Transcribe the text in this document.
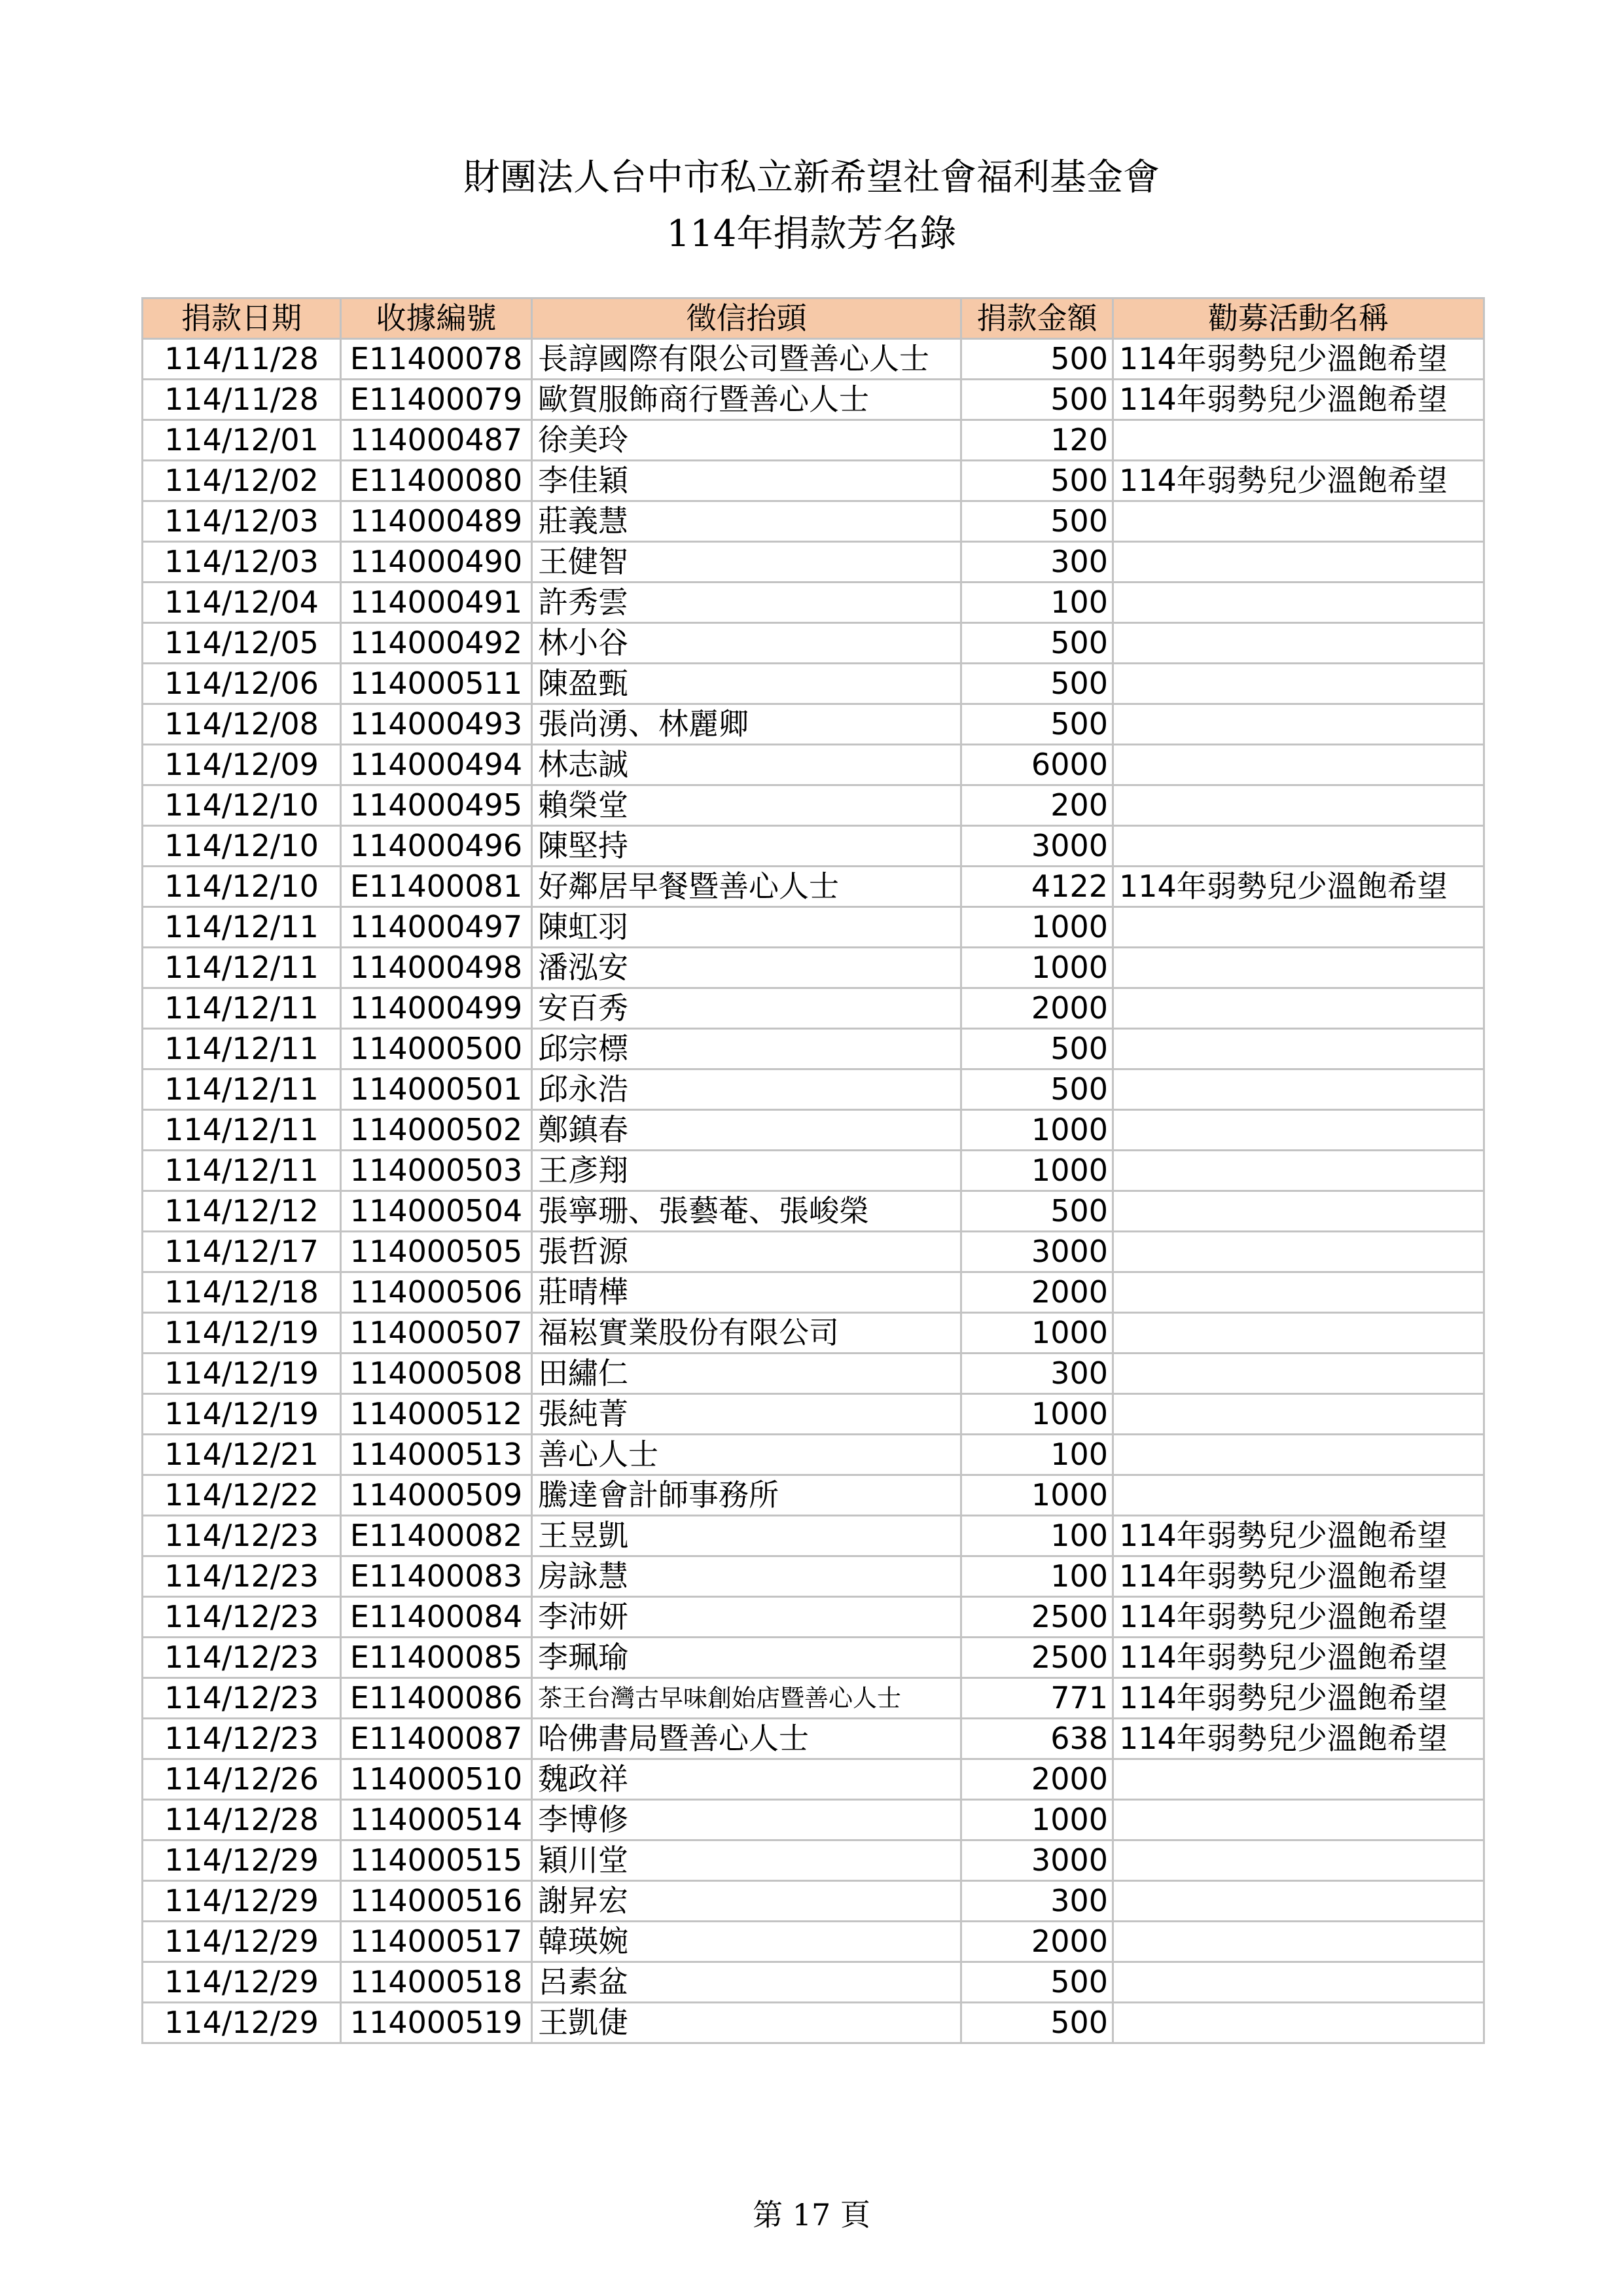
財團法人台中市私立新希望社會福利基金會
114年捐款芳名錄
捐款日期	收據編號	徵信抬頭	捐款金額	勸募活動名稱
114/11/28	E11400078	長諄國際有限公司暨善心人士	500	114年弱勢兒少溫飽希望
114/11/28	E11400079	歐賀服飾商行暨善心人士	500	114年弱勢兒少溫飽希望
114/12/01	114000487	徐美玲	120	
114/12/02	E11400080	李佳穎	500	114年弱勢兒少溫飽希望
114/12/03	114000489	莊義慧	500	
114/12/03	114000490	王健智	300	
114/12/04	114000491	許秀雲	100	
114/12/05	114000492	林小谷	500	
114/12/06	114000511	陳盈甄	500	
114/12/08	114000493	張尚湧、林麗卿	500	
114/12/09	114000494	林志誠	6000	
114/12/10	114000495	賴榮堂	200	
114/12/10	114000496	陳堅持	3000	
114/12/10	E11400081	好鄰居早餐暨善心人士	4122	114年弱勢兒少溫飽希望
114/12/11	114000497	陳虹羽	1000	
114/12/11	114000498	潘泓安	1000	
114/12/11	114000499	安百秀	2000	
114/12/11	114000500	邱宗標	500	
114/12/11	114000501	邱永浩	500	
114/12/11	114000502	鄭鎮春	1000	
114/12/11	114000503	王彥翔	1000	
114/12/12	114000504	張寧珊、張藝菴、張峻榮	500	
114/12/17	114000505	張哲源	3000	
114/12/18	114000506	莊晴樺	2000	
114/12/19	114000507	福崧實業股份有限公司	1000	
114/12/19	114000508	田繡仁	300	
114/12/19	114000512	張純菁	1000	
114/12/21	114000513	善心人士	100	
114/12/22	114000509	騰達會計師事務所	1000	
114/12/23	E11400082	王昱凱	100	114年弱勢兒少溫飽希望
114/12/23	E11400083	房詠慧	100	114年弱勢兒少溫飽希望
114/12/23	E11400084	李沛妍	2500	114年弱勢兒少溫飽希望
114/12/23	E11400085	李珮瑜	2500	114年弱勢兒少溫飽希望
114/12/23	E11400086	茶王台灣古早味創始店暨善心人士	771	114年弱勢兒少溫飽希望
114/12/23	E11400087	哈佛書局暨善心人士	638	114年弱勢兒少溫飽希望
114/12/26	114000510	魏政祥	2000	
114/12/28	114000514	李博修	1000	
114/12/29	114000515	穎川堂	3000	
114/12/29	114000516	謝昇宏	300	
114/12/29	114000517	韓瑛婉	2000	
114/12/29	114000518	呂素盆	500	
114/12/29	114000519	王凱倢	500	
第 17 頁
